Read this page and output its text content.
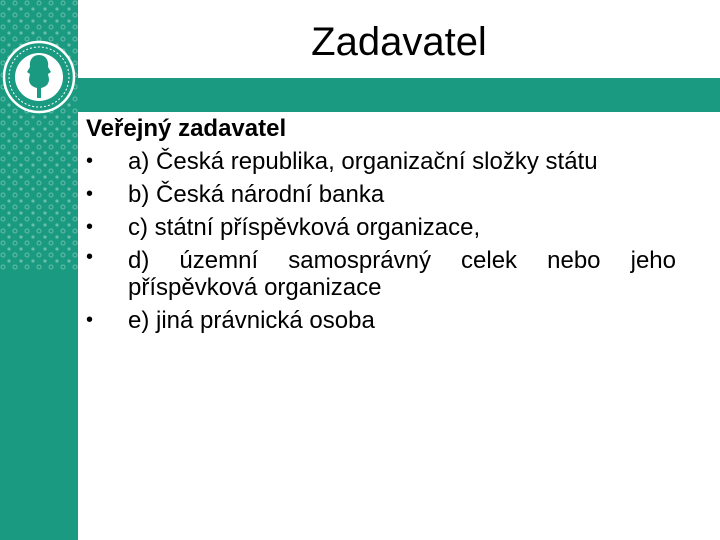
Zadavatel

Veřejný zadavatel

•	a) Česká republika, organizační složky státu
•	b) Česká národní banka
•	c) státní příspěvková organizace,
•	d) územní samosprávný celek nebo jeho příspěvková organizace
•	e) jiná právnická osoba
